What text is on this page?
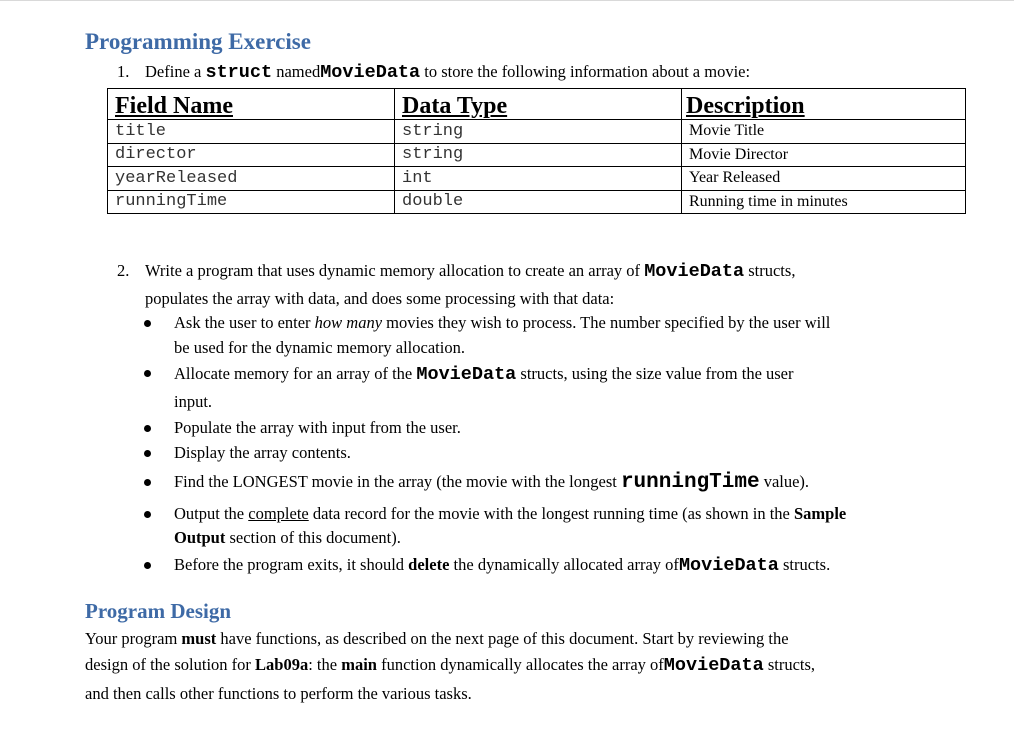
Programming Exercise
1. Define a struct namedMovieData to store the following information about a movie:
Field Name	Data Type	Description
title	string	Movie Title
director	string	Movie Director
yearReleased	int	Year Released
runningTime	double	Running time in minutes
2. Write a program that uses dynamic memory allocation to create an array of MovieData structs,
populates the array with data, and does some processing with that data:
Ask the user to enter how many movies they wish to process. The number specified by the user will
be used for the dynamic memory allocation.
Allocate memory for an array of the MovieData structs, using the size value from the user
input.
Populate the array with input from the user.
Display the array contents.
Find the LONGEST movie in the array (the movie with the longest runningTime value).
Output the complete data record for the movie with the longest running time (as shown in the Sample
Output section of this document).
Before the program exits, it should delete the dynamically allocated array ofMovieData structs.
Program Design
Your program must have functions, as described on the next page of this document. Start by reviewing the
design of the solution for Lab09a: the main function dynamically allocates the array ofMovieData structs,
and then calls other functions to perform the various tasks.
